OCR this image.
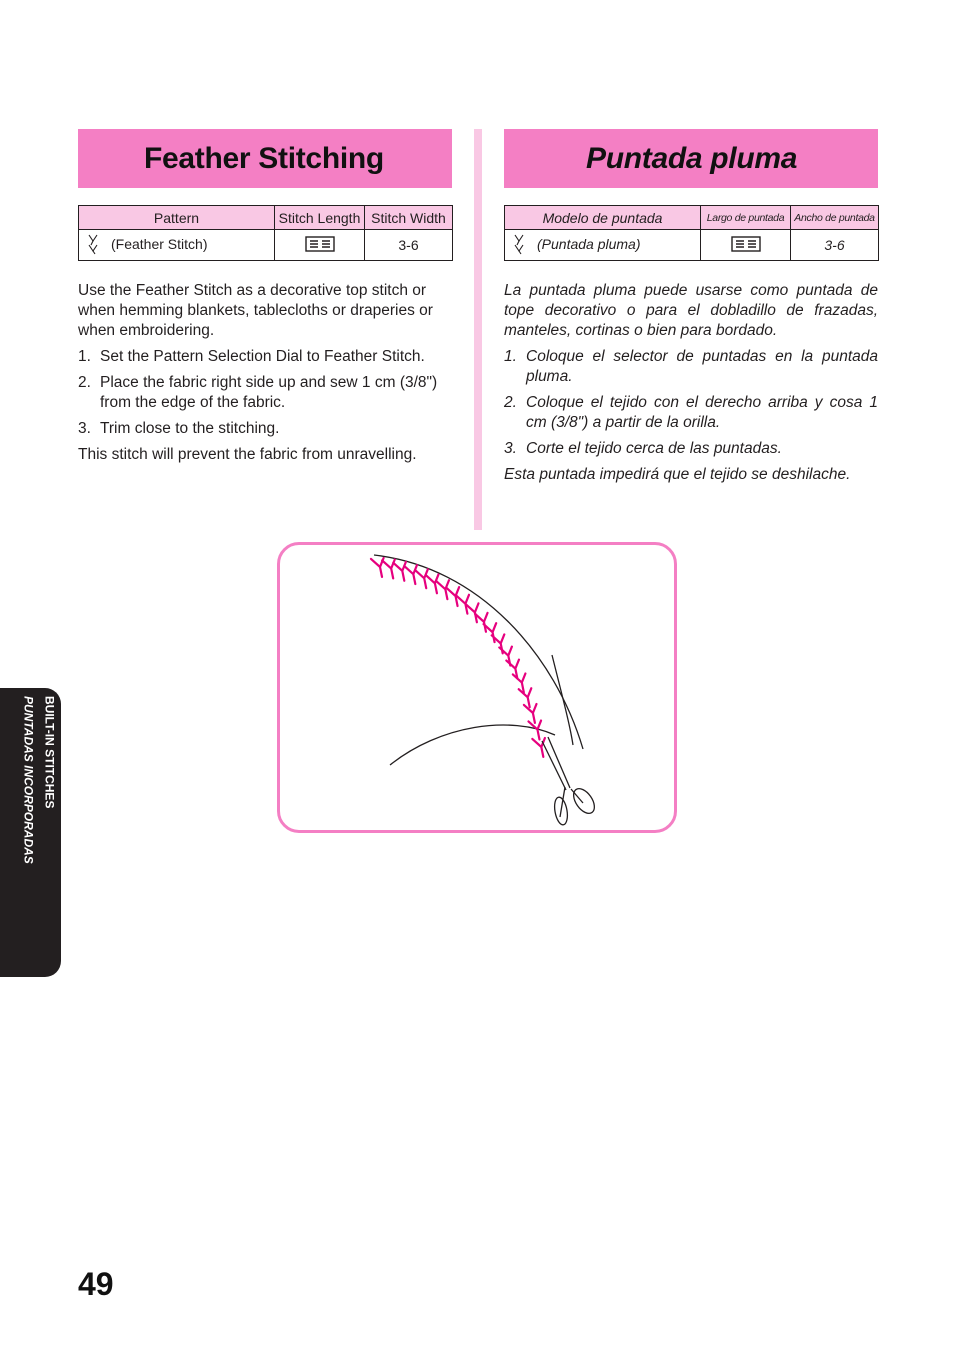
Feather Stitching
Pattern	Stitch Length	Stitch Width
(Feather Stitch)		3-6

Use the Feather Stitch as a decorative top stitch or when hemming blankets, tablecloths or draperies or when embroidering.

1. Set the Pattern Selection Dial to Feather Stitch.
2. Place the fabric right side up and sew 1 cm (3/8") from the edge of the fabric.
3. Trim close to the stitching.

This stitch will prevent the fabric from unravelling.

Puntada pluma
Modelo de puntada	Largo de puntada	Ancho de puntada
(Puntada pluma)		3-6

La puntada pluma puede usarse como puntada de tope decorativo o para el dobladillo de frazadas, manteles, cortinas o bien para bordado.

1. Coloque el selector de puntadas en la puntada pluma.
2. Coloque el tejido con el derecho arriba y cosa 1 cm (3/8") a partir de la orilla.
3. Corte el tejido cerca de las puntadas.

Esta puntada impedirá que el tejido se deshilache.

BUILT-IN STITCHES
PUNTADAS INCORPORADAS
49
